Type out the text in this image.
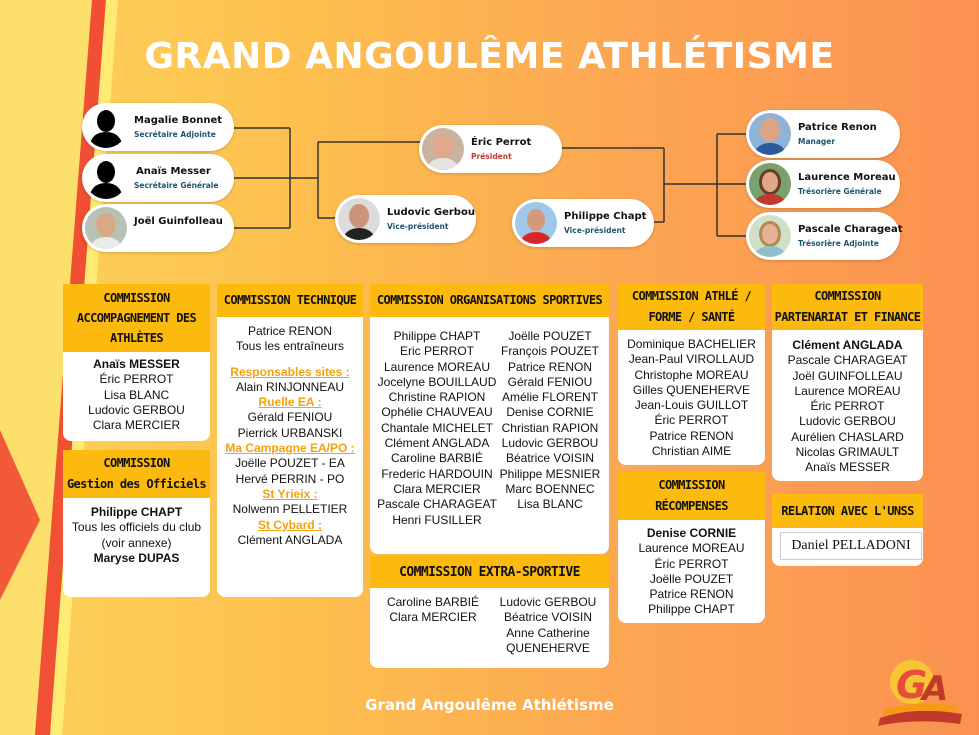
GRAND ANGOULÊME ATHLÉTISME
Magalie Bonnet
Secrétaire Adjointe
Anaïs Messer
Secrétaire Générale
Joël Guinfolleau
Éric Perrot
Président
Ludovic Gerbou
Vice-président
Philippe Chapt
Vice-président
Patrice Renon
Manager
Laurence Moreau
Trésorière Générale
Pascale Charageat
Trésorière Adjointe
COMMISSION ACCOMPAGNEMENT DES ATHLÈTES
Anaïs MESSER
Éric PERROT
Lisa BLANC
Ludovic GERBOU
Clara MERCIER
COMMISSION
Gestion des Officiels
Philippe CHAPT
Tous les officiels du club
(voir annexe)
Maryse DUPAS
COMMISSION TECHNIQUE
Patrice RENON
Tous les entraîneurs
Responsables sites :
Alain RINJONNEAU
Ruelle EA :
Gérald FENIOU
Pierrick URBANSKI
Ma Campagne EA/PO :
Joëlle POUZET - EA
Hervé PERRIN - PO
St Yrieix :
Nolwenn PELLETIER
St Cybard :
Clément ANGLADA
COMMISSION ORGANISATIONS SPORTIVES
Philippe CHAPT
Eric PERROT
Laurence MOREAU
Jocelyne BOUILLAUD
Christine RAPION
Ophélie CHAUVEAU
Chantale MICHELET
Clément ANGLADA
Caroline BARBIÉ
Frederic HARDOUIN
Clara MERCIER
Pascale CHARAGEAT
Henri FUSILLER
Joëlle POUZET
François POUZET
Patrice RENON
Gérald FENIOU
Amélie FLORENT
Denise CORNIE
Christian RAPION
Ludovic GERBOU
Béatrice VOISIN
Philippe MESNIER
Marc BOENNEC
Lisa BLANC
COMMISSION EXTRA-SPORTIVE
Caroline BARBIÉ
Clara MERCIER
Ludovic GERBOU
Béatrice VOISIN
Anne Catherine
QUENEHERVE
COMMISSION ATHLÉ /
FORME / SANTÉ
Dominique BACHELIER
Jean-Paul VIROLLAUD
Christophe MOREAU
Gilles QUENEHERVE
Jean-Louis GUILLOT
Éric PERROT
Patrice RENON
Christian AIME
COMMISSION
RÉCOMPENSES
Denise CORNIE
Laurence MOREAU
Éric PERROT
Joëlle POUZET
Patrice RENON
Philippe CHAPT
COMMISSION
PARTENARIAT ET FINANCE
Clément ANGLADA
Pascale CHARAGEAT
Joël GUINFOLLEAU
Laurence MOREAU
Éric PERROT
Ludovic GERBOU
Aurélien CHASLARD
Nicolas GRIMAULT
Anaïs MESSER
RELATION AVEC L'UNSS
Daniel PELLADONI
Grand Angoulême Athlétisme	G
A
